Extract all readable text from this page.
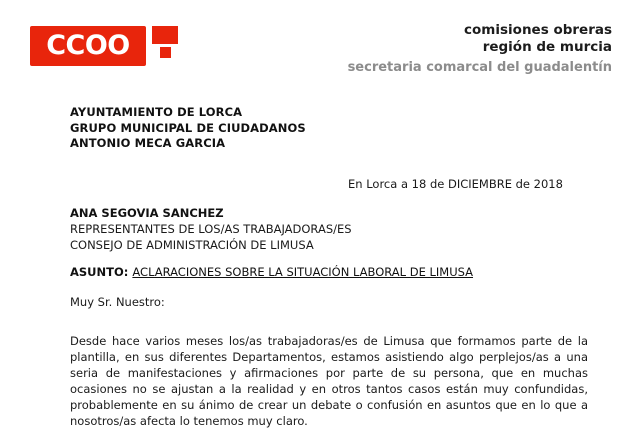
CCOO	comisiones obreras
región de murcia
secretaria comarcal del guadalentín
AYUNTAMIENTO DE LORCA
GRUPO MUNICIPAL DE CIUDADANOS
ANTONIO MECA GARCIA
En Lorca a 18 de DICIEMBRE de 2018
ANA SEGOVIA SANCHEZ
REPRESENTANTES DE LOS/AS TRABAJADORAS/ES
CONSEJO DE ADMINISTRACIÓN DE LIMUSA
ASUNTO: ACLARACIONES SOBRE LA SITUACIÓN LABORAL DE LIMUSA
Muy Sr. Nuestro:
Desde hace varios meses los/as trabajadoras/es de Limusa que formamos parte de la plantilla, en sus diferentes Departamentos, estamos asistiendo algo perplejos/as a una seria de manifestaciones y afirmaciones por parte de su persona, que en muchas ocasiones no se ajustan a la realidad y en otros tantos casos están muy confundidas, probablemente en su ánimo de crear un debate o confusión en asuntos que en lo que a nosotros/as afecta lo tenemos muy claro.
